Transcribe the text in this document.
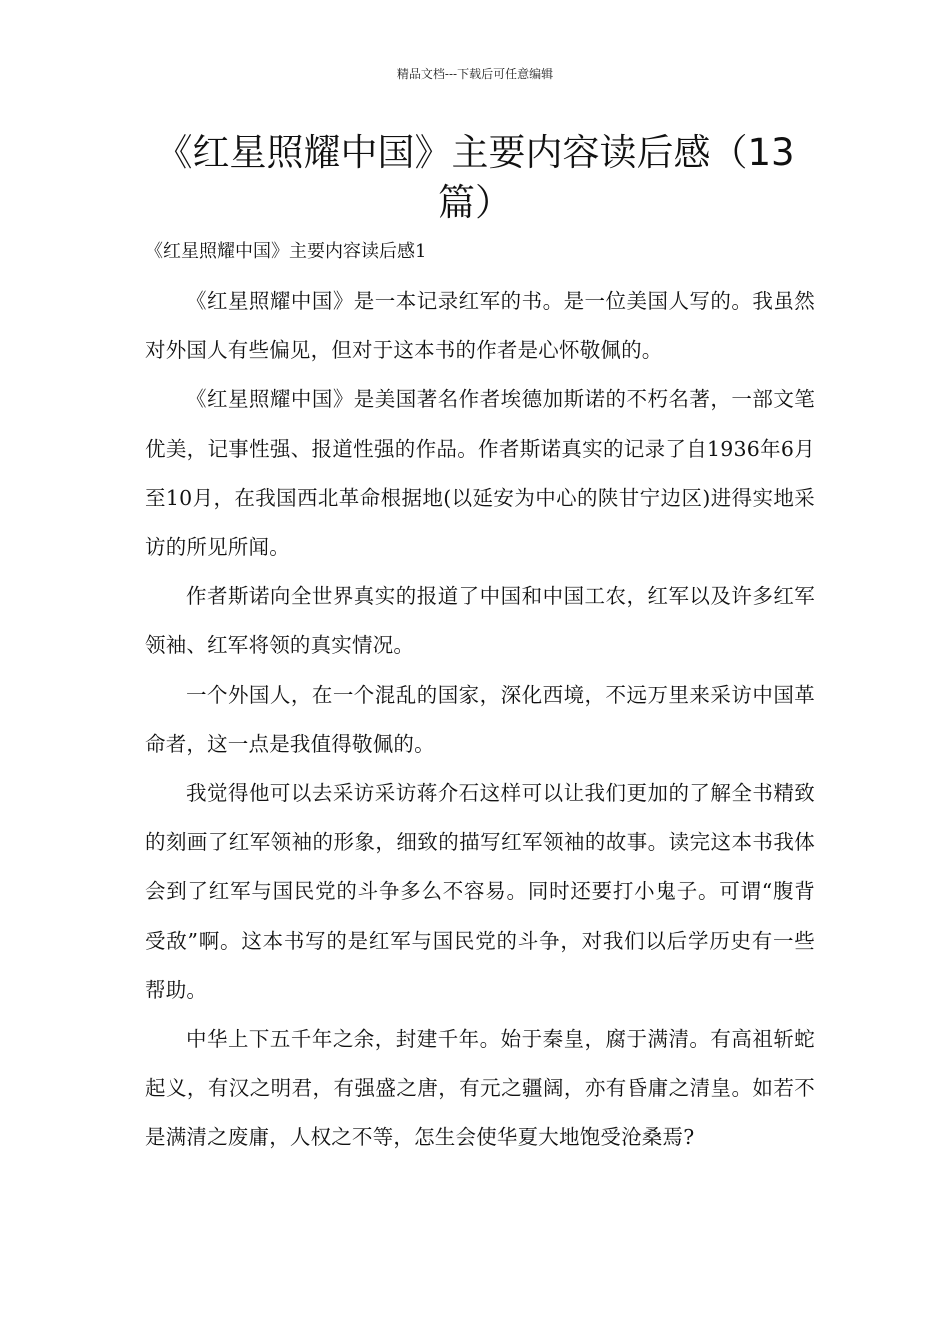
精品文档---下载后可任意编辑
《红星照耀中国》主要内容读后感（13篇）

《红星照耀中国》主要内容读后感1

《红星照耀中国》是一本记录红军的书。是一位美国人写的。我虽然对外国人有些偏见，但对于这本书的作者是心怀敬佩的。

《红星照耀中国》是美国著名作者埃德加斯诺的不朽名著，一部文笔优美，记事性强、报道性强的作品。作者斯诺真实的记录了自1936年6月至10月，在我国西北革命根据地(以延安为中心的陕甘宁边区)进得实地采访的所见所闻。

作者斯诺向全世界真实的报道了中国和中国工农，红军以及许多红军领袖、红军将领的真实情况。

一个外国人，在一个混乱的国家，深化西境，不远万里来采访中国革命者，这一点是我值得敬佩的。

我觉得他可以去采访采访蒋介石这样可以让我们更加的了解全书精致的刻画了红军领袖的形象，细致的描写红军领袖的故事。读完这本书我体会到了红军与国民党的斗争多么不容易。同时还要打小鬼子。可谓“腹背受敌”啊。这本书写的是红军与国民党的斗争，对我们以后学历史有一些帮助。

中华上下五千年之余，封建千年。始于秦皇，腐于满清。有高祖斩蛇起义，有汉之明君，有强盛之唐，有元之疆阔，亦有昏庸之清皇。如若不是满清之废庸，人权之不等，怎生会使华夏大地饱受沧桑焉?
